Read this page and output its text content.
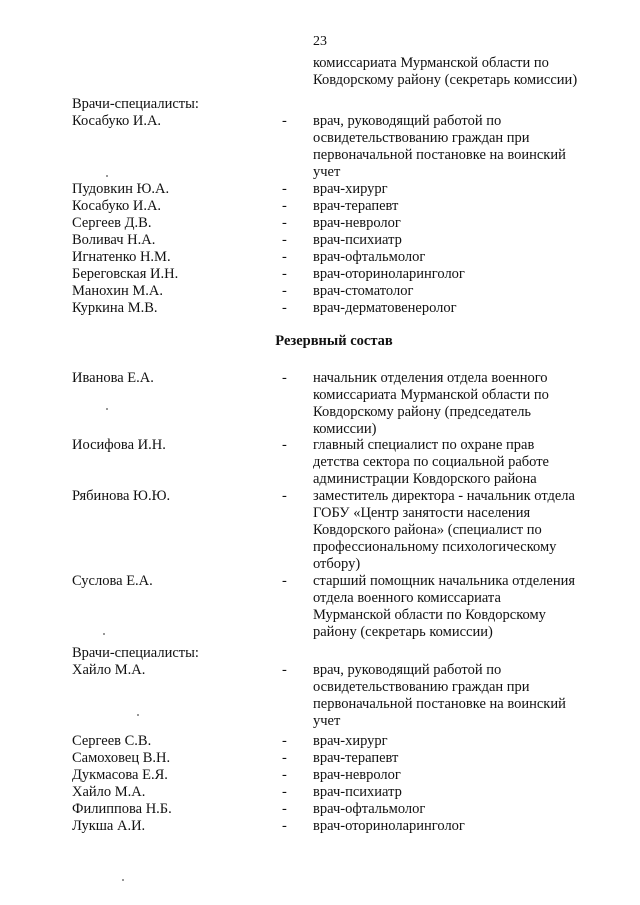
23
комиссариата Мурманской области по
Ковдорскому району (секретарь комиссии)
Врачи-специалисты:
Косабуко И.А.	- врач, руководящий работой по
освидетельствованию граждан при
первоначальной постановке на воинский
учет
Пудовкин Ю.А.	- врач-хирург
Косабуко И.А.	- врач-терапевт
Сергеев Д.В.	- врач-невролог
Воливач Н.А.	- врач-психиатр
Игнатенко Н.М.	- врач-офтальмолог
Береговская И.Н.	- врач-оториноларинголог
Манохин М.А.	- врач-стоматолог
Куркина М.В.	- врач-дерматовенеролог
Резервный состав
Иванова Е.А.	- начальник отделения отдела военного
комиссариата Мурманской области по
Ковдорскому району (председатель
комиссии)
Иосифова И.Н.	- главный специалист по охране прав
детства сектора по социальной работе
администрации Ковдорского района
Рябинова Ю.Ю.	- заместитель директора - начальник отдела
ГОБУ «Центр занятости населения
Ковдорского района» (специалист по
профессиональному психологическому
отбору)
Суслова Е.А.	- старший помощник начальника отделения
отдела военного комиссариата
Мурманской области по Ковдорскому
району (секретарь комиссии)
Врачи-специалисты:
Хайло М.А.	- врач, руководящий работой по
освидетельствованию граждан при
первоначальной постановке на воинский
учет
Сергеев С.В.	- врач-хирург
Самоховец В.Н.	- врач-терапевт
Дукмасова Е.Я.	- врач-невролог
Хайло М.А.	- врач-психиатр
Филиппова Н.Б.	- врач-офтальмолог
Лукша А.И.	- врач-оториноларинголог
